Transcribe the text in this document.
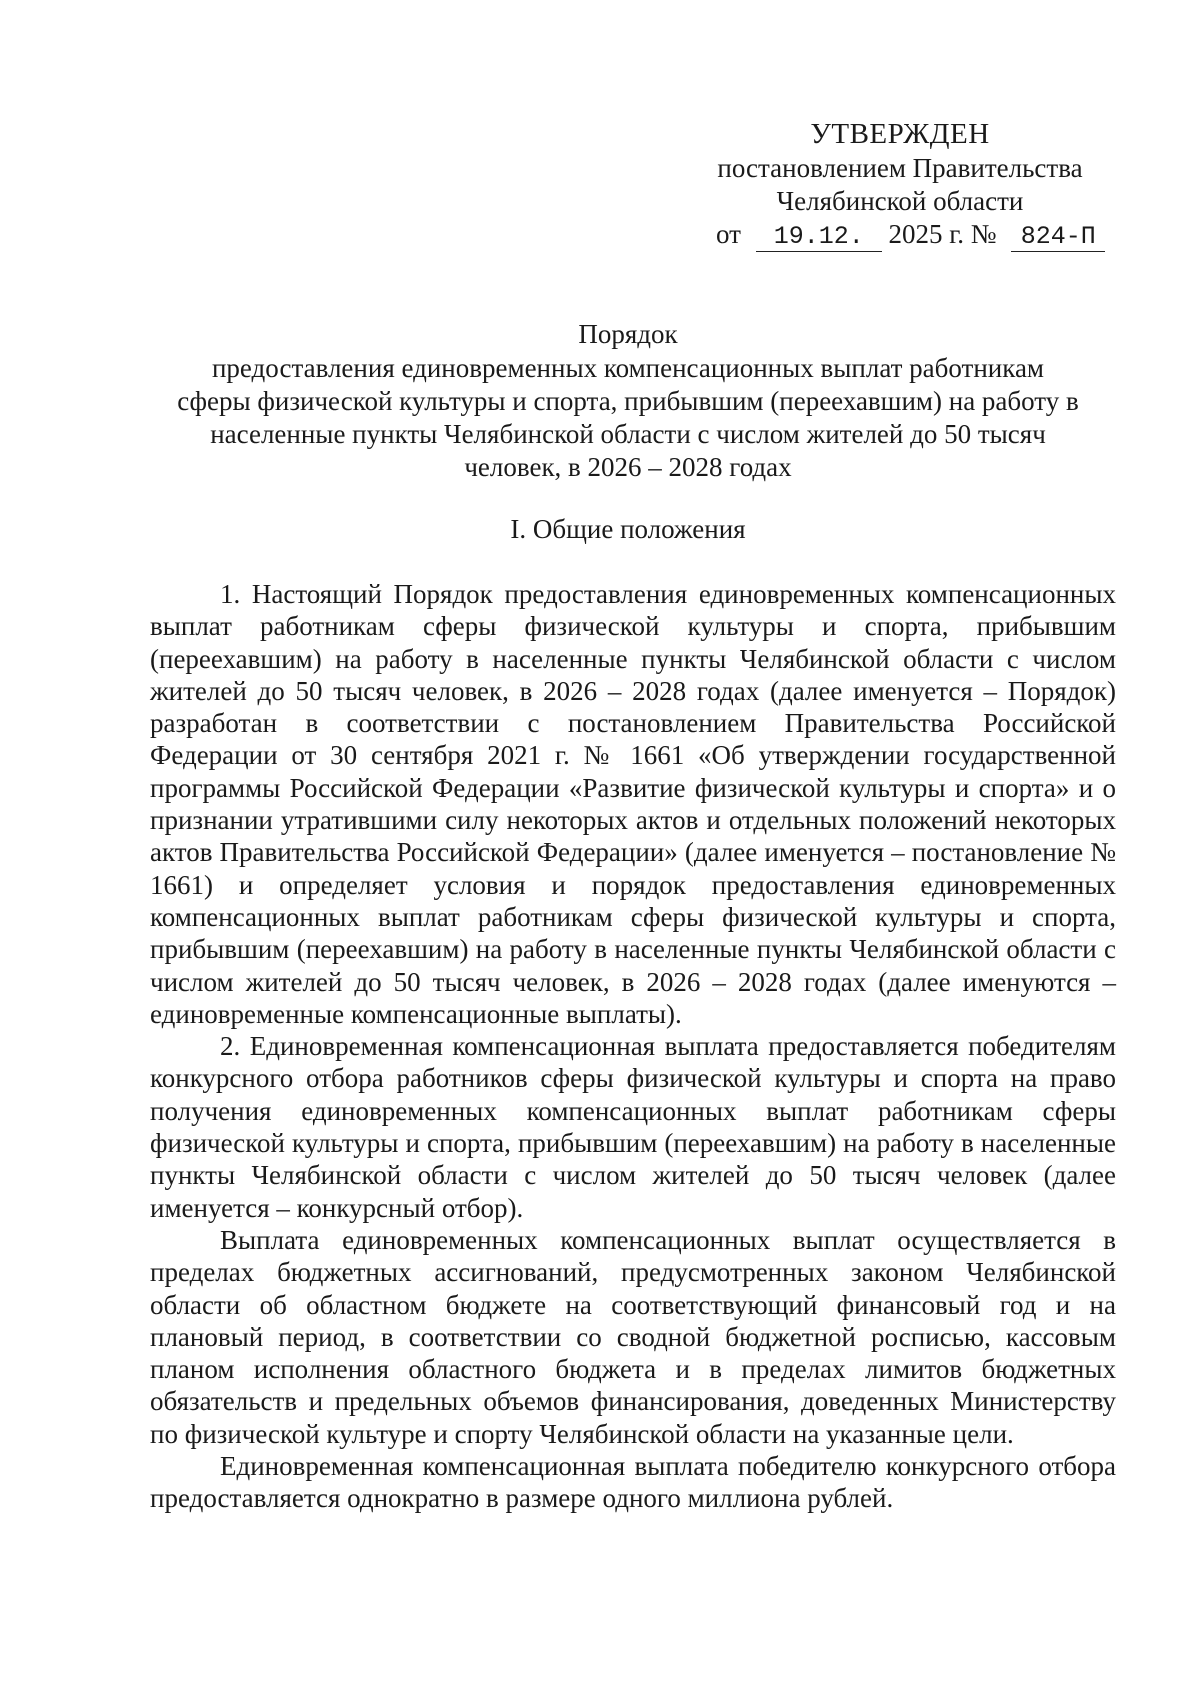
УТВЕРЖДЕН
постановлением Правительства
Челябинской области
от 19.12. 2025 г. № 824-П
Порядок
предоставления единовременных компенсационных выплат работникам
сферы физической культуры и спорта, прибывшим (переехавшим) на работу в
населенные пункты Челябинской области с числом жителей до 50 тысяч
человек, в 2026 – 2028 годах
I. Общие положения

1. Настоящий Порядок предоставления единовременных компенсационных выплат работникам сферы физической культуры и спорта, прибывшим (переехавшим) на работу в населенные пункты Челябинской области с числом жителей до 50 тысяч человек, в 2026 – 2028 годах (далее именуется – Порядок) разработан в соответствии с постановлением Правительства Российской Федерации от 30 сентября 2021 г. № 1661 «Об утверждении государственной программы Российской Федерации «Развитие физической культуры и спорта» и о признании утратившими силу некоторых актов и отдельных положений некоторых актов Правительства Российской Федерации» (далее именуется – постановление № 1661) и определяет условия и порядок предоставления единовременных компенсационных выплат работникам сферы физической культуры и спорта, прибывшим (переехавшим) на работу в населенные пункты Челябинской области с числом жителей до 50 тысяч человек, в 2026 – 2028 годах (далее именуются – единовременные компенсационные выплаты).

2. Единовременная компенсационная выплата предоставляется победителям конкурсного отбора работников сферы физической культуры и спорта на право получения единовременных компенсационных выплат работникам сферы физической культуры и спорта, прибывшим (переехавшим) на работу в населенные пункты Челябинской области с числом жителей до 50 тысяч человек (далее именуется – конкурсный отбор).

Выплата единовременных компенсационных выплат осуществляется в пределах бюджетных ассигнований, предусмотренных законом Челябинской области об областном бюджете на соответствующий финансовый год и на плановый период, в соответствии со сводной бюджетной росписью, кассовым планом исполнения областного бюджета и в пределах лимитов бюджетных обязательств и предельных объемов финансирования, доведенных Министерству по физической культуре и спорту Челябинской области на указанные цели.

Единовременная компенсационная выплата победителю конкурсного отбора предоставляется однократно в размере одного миллиона рублей.
